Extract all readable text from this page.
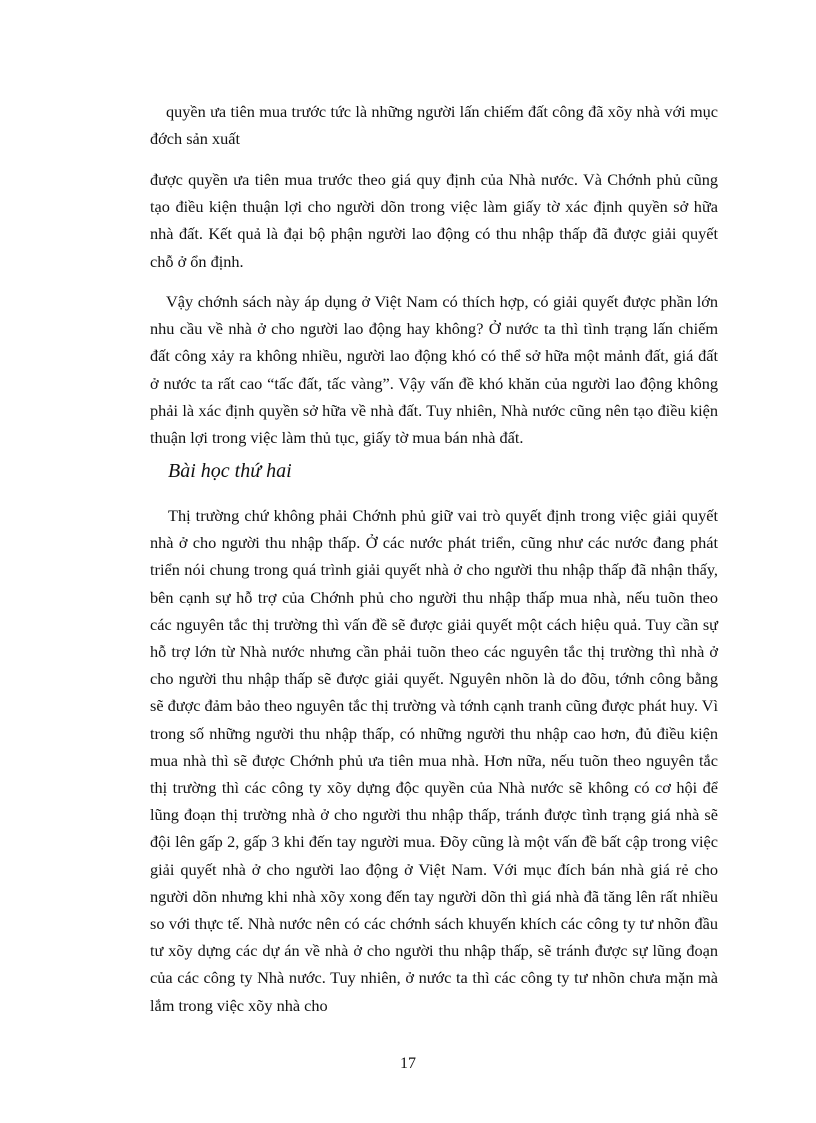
quyền ưa tiên mua trước tức là những người lấn chiếm đất công đã xõy nhà với mục đớch sản xuất

được quyền ưa tiên mua trước theo giá quy định của Nhà nước. Và Chớnh phủ cũng tạo điều kiện thuận lợi cho người dõn trong việc làm giấy tờ xác định quyền sở hữa nhà đất. Kết quả là đại bộ phận người lao động có thu nhập thấp đã được giải quyết chỗ ở ổn định.

Vậy chớnh sách này áp dụng ở Việt Nam có thích hợp, có giải quyết được phần lớn nhu cầu về nhà ở cho người lao động hay không? Ở nước ta thì tình trạng lấn chiếm đất công xảy ra không nhiều, người lao động khó có thể sở hữa một mảnh đất, giá đất ở nước ta rất cao “tấc đất, tấc vàng”. Vậy vấn đề khó khăn của người lao động không phải là xác định quyền sở hữa về nhà đất. Tuy nhiên, Nhà nước cũng nên tạo điều kiện thuận lợi trong việc làm thủ tục, giấy tờ mua bán nhà đất.

Bài học thứ hai

Thị trường chứ không phải Chớnh phủ giữ vai trò quyết định trong việc giải quyết nhà ở cho người thu nhập thấp. Ở các nước phát triển, cũng như các nước đang phát triển nói chung trong quá trình giải quyết nhà ở cho người thu nhập thấp đã nhận thấy, bên cạnh sự hỗ trợ của Chớnh phủ cho người thu nhập thấp mua nhà, nếu tuõn theo các nguyên tắc thị trường thì vấn đề sẽ được giải quyết một cách hiệu quả. Tuy cần sự hỗ trợ lớn từ Nhà nước nhưng cần phải tuõn theo các nguyên tắc thị trường thì nhà ở cho người thu nhập thấp sẽ được giải quyết. Nguyên nhõn là do đõu, tớnh công bằng sẽ được đảm bảo theo nguyên tắc thị trường và tớnh cạnh tranh cũng được phát huy. Vì trong số những người thu nhập thấp, có những người thu nhập cao hơn, đủ điều kiện mua nhà thì sẽ được Chớnh phủ ưa tiên mua nhà. Hơn nữa, nếu tuõn theo nguyên tắc thị trường thì các công ty xõy dựng độc quyền của Nhà nước sẽ không có cơ hội để lũng đoạn thị trường nhà ở cho người thu nhập thấp, tránh được tình trạng giá nhà sẽ đội lên gấp 2, gấp 3 khi đến tay người mua. Đõy cũng là một vấn đề bất cập trong việc giải quyết nhà ở cho người lao động ở Việt Nam. Với mục đích bán nhà giá rẻ cho người dõn nhưng khi nhà xõy xong đến tay người dõn thì giá nhà đã tăng lên rất nhiều so với thực tế. Nhà nước nên có các chớnh sách khuyến khích các công ty tư nhõn đầu tư xõy dựng các dự án về nhà ở cho người thu nhập thấp, sẽ tránh được sự lũng đoạn của các công ty Nhà nước. Tuy nhiên, ở nước ta thì các công ty tư nhõn chưa mặn mà lắm trong việc xõy nhà cho

17
